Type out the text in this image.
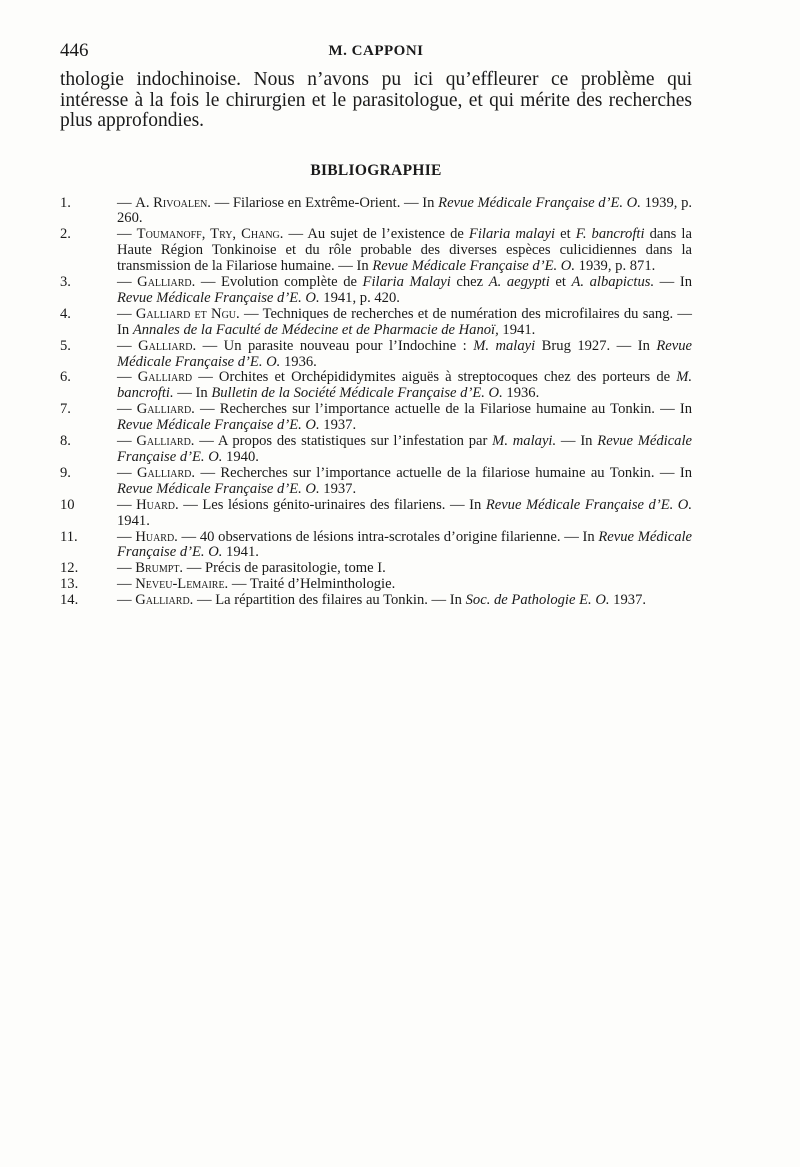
446	M. CAPPONI

thologie indochinoise. Nous n’avons pu ici qu’effleurer ce problème qui intéresse à la fois le chirurgien et le parasitologue, et qui mérite des recherches plus approfondies.

BIBLIOGRAPHIE
1.	— A. Rivoalen. — Filariose en Extrême-Orient. — In Revue Médicale Française d’E. O. 1939, p. 260.
2.	— Toumanoff, Try, Chang. — Au sujet de l’existence de Filaria malayi et F. bancrofti dans la Haute Région Tonkinoise et du rôle probable des diverses espèces culicidiennes dans la transmission de la Filariose humaine. — In Revue Médicale Française d’E. O. 1939, p. 871.
3.	— Galliard. — Evolution complète de Filaria Malayi chez A. aegypti et A. albapictus. — In Revue Médicale Française d’E. O. 1941, p. 420.
4.	— Galliard et Ngu. — Techniques de recherches et de numération des microfilaires du sang. — In Annales de la Faculté de Médecine et de Pharmacie de Hanoï, 1941.
5.	— Galliard. — Un parasite nouveau pour l’Indochine : M. malayi Brug 1927. — In Revue Médicale Française d’E. O. 1936.
6.	— Galliard — Orchites et Orchépididymites aiguës à streptocoques chez des porteurs de M. bancrofti. — In Bulletin de la Société Médicale Française d’E. O. 1936.
7.	— Galliard. — Recherches sur l’importance actuelle de la Filariose humaine au Tonkin. — In Revue Médicale Française d’E. O. 1937.
8.	— Galliard. — A propos des statistiques sur l’infestation par M. malayi. — In Revue Médicale Française d’E. O. 1940.
9.	— Galliard. — Recherches sur l’importance actuelle de la filariose humaine au Tonkin. — In Revue Médicale Française d’E. O. 1937.
10	— Huard. — Les lésions génito-urinaires des filariens. — In Revue Médicale Française d’E. O. 1941.
11.	— Huard. — 40 observations de lésions intra-scrotales d’origine filarienne. — In Revue Médicale Française d’E. O. 1941.
12.	— Brumpt. — Précis de parasitologie, tome I.
13.	— Neveu-Lemaire. — Traité d’Helminthologie.
14.	— Galliard. — La répartition des filaires au Tonkin. — In Soc. de Pathologie E. O. 1937.
